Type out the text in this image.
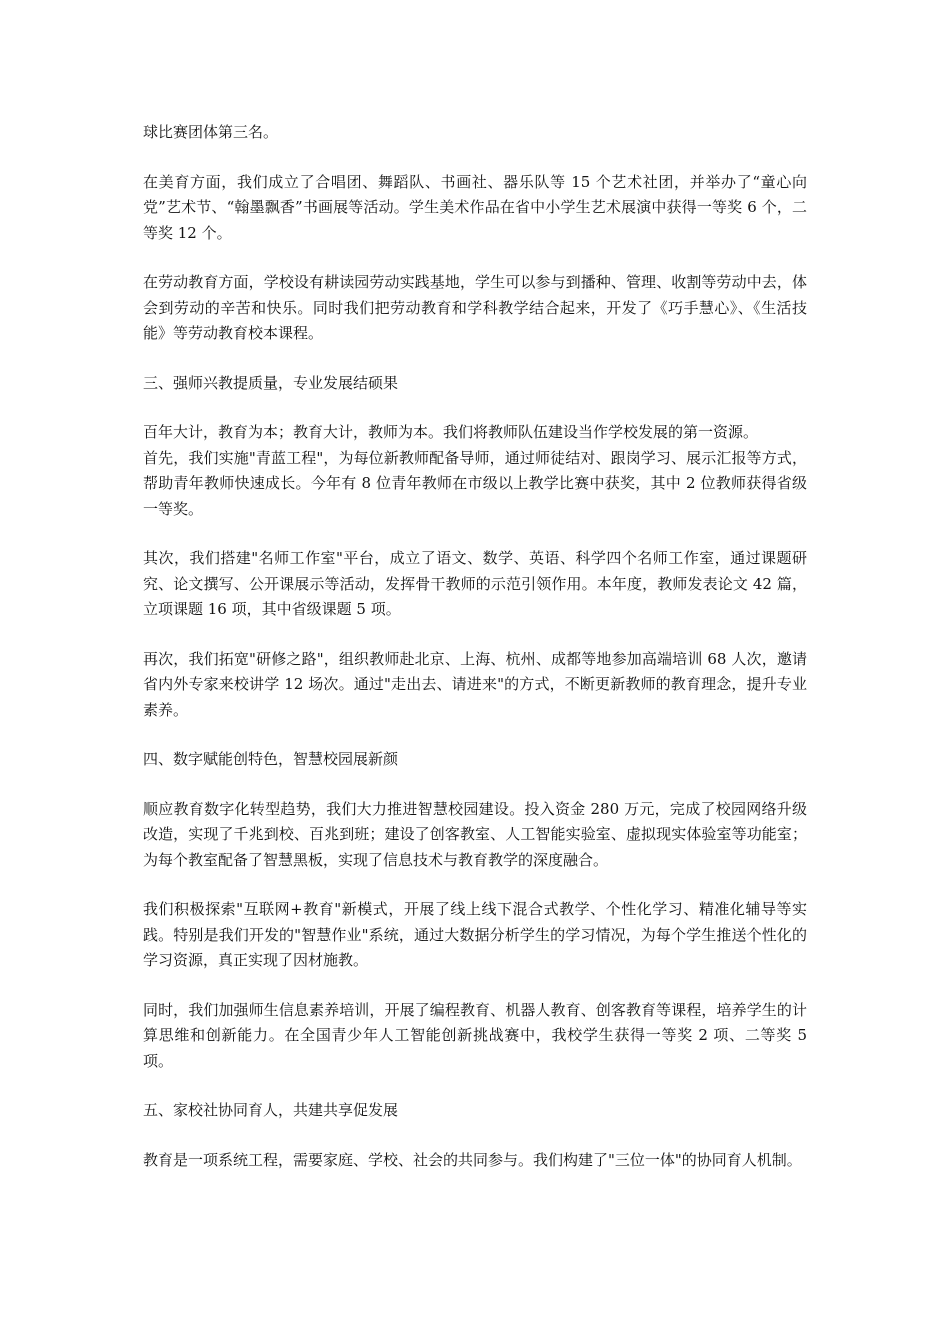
球比赛团体第三名。

在美育方面，我们成立了合唱团、舞蹈队、书画社、器乐队等 15 个艺术社团，并举办了“童心向党”艺术节、“翰墨飘香”书画展等活动。学生美术作品在省中小学生艺术展演中获得一等奖 6 个，二等奖 12 个。

在劳动教育方面，学校设有耕读园劳动实践基地，学生可以参与到播种、管理、收割等劳动中去，体会到劳动的辛苦和快乐。同时我们把劳动教育和学科教学结合起来，开发了《巧手慧心》、《生活技能》等劳动教育校本课程。

三、强师兴教提质量，专业发展结硕果

百年大计，教育为本；教育大计，教师为本。我们将教师队伍建设当作学校发展的第一资源。

首先，我们实施"青蓝工程"，为每位新教师配备导师，通过师徒结对、跟岗学习、展示汇报等方式，帮助青年教师快速成长。今年有 8 位青年教师在市级以上教学比赛中获奖，其中 2 位教师获得省级一等奖。

其次，我们搭建"名师工作室"平台，成立了语文、数学、英语、科学四个名师工作室，通过课题研究、论文撰写、公开课展示等活动，发挥骨干教师的示范引领作用。本年度，教师发表论文 42 篇，立项课题 16 项，其中省级课题 5 项。

再次，我们拓宽"研修之路"，组织教师赴北京、上海、杭州、成都等地参加高端培训 68 人次，邀请省内外专家来校讲学 12 场次。通过"走出去、请进来"的方式，不断更新教师的教育理念，提升专业素养。

四、数字赋能创特色，智慧校园展新颜

顺应教育数字化转型趋势，我们大力推进智慧校园建设。投入资金 280 万元，完成了校园网络升级改造，实现了千兆到校、百兆到班；建设了创客教室、人工智能实验室、虚拟现实体验室等功能室；为每个教室配备了智慧黑板，实现了信息技术与教育教学的深度融合。

我们积极探索"互联网+教育"新模式，开展了线上线下混合式教学、个性化学习、精准化辅导等实践。特别是我们开发的"智慧作业"系统，通过大数据分析学生的学习情况，为每个学生推送个性化的学习资源，真正实现了因材施教。

同时，我们加强师生信息素养培训，开展了编程教育、机器人教育、创客教育等课程，培养学生的计算思维和创新能力。在全国青少年人工智能创新挑战赛中，我校学生获得一等奖 2 项、二等奖 5 项。

五、家校社协同育人，共建共享促发展

教育是一项系统工程，需要家庭、学校、社会的共同参与。我们构建了"三位一体"的协同育人机制。
